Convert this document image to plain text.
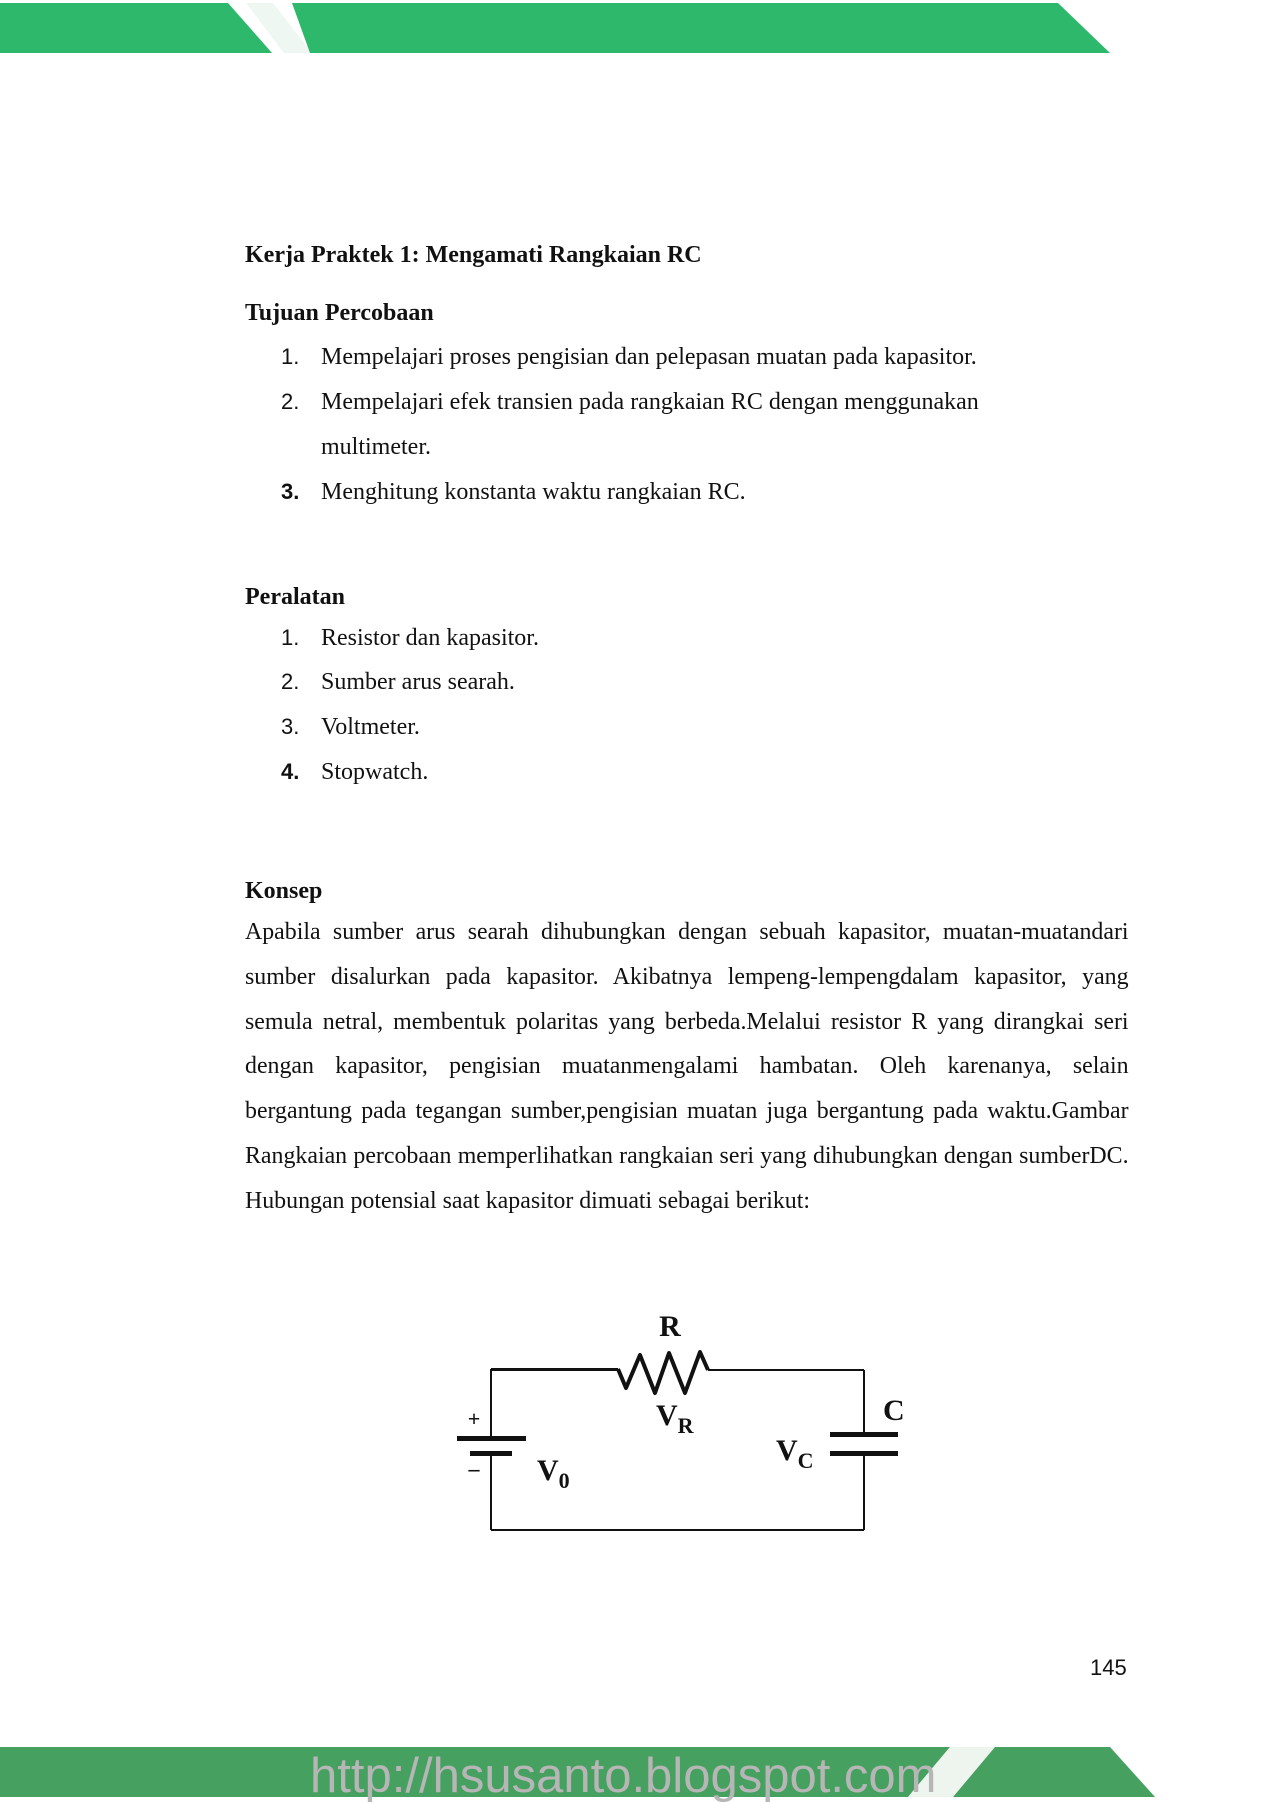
Kerja Praktek 1: Mengamati Rangkaian RC
Tujuan Percobaan
1. Mempelajari proses pengisian dan pelepasan muatan pada kapasitor.
2. Mempelajari efek transien pada rangkaian RC dengan menggunakan
multimeter.
3. Menghitung konstanta waktu rangkaian RC.
Peralatan
1. Resistor dan kapasitor.
2. Sumber arus searah.
3. Voltmeter.
4. Stopwatch.
Konsep
Apabila sumber arus searah dihubungkan dengan sebuah kapasitor, muatan-muatandari sumber disalurkan pada kapasitor. Akibatnya lempeng-lempengdalam kapasitor, yang semula netral, membentuk polaritas yang berbeda.Melalui resistor R yang dirangkai seri dengan kapasitor, pengisian muatanmengalami hambatan. Oleh karenanya, selain bergantung pada tegangan sumber,pengisian muatan juga bergantung pada waktu.Gambar Rangkaian percobaan memperlihatkan rangkaian seri yang dihubungkan dengan sumberDC. Hubungan potensial saat kapasitor dimuati sebagai berikut:
R
$V_R$	C
$V_C$
$V_0$
+
–
145
http://hsusanto.blogspot.com
